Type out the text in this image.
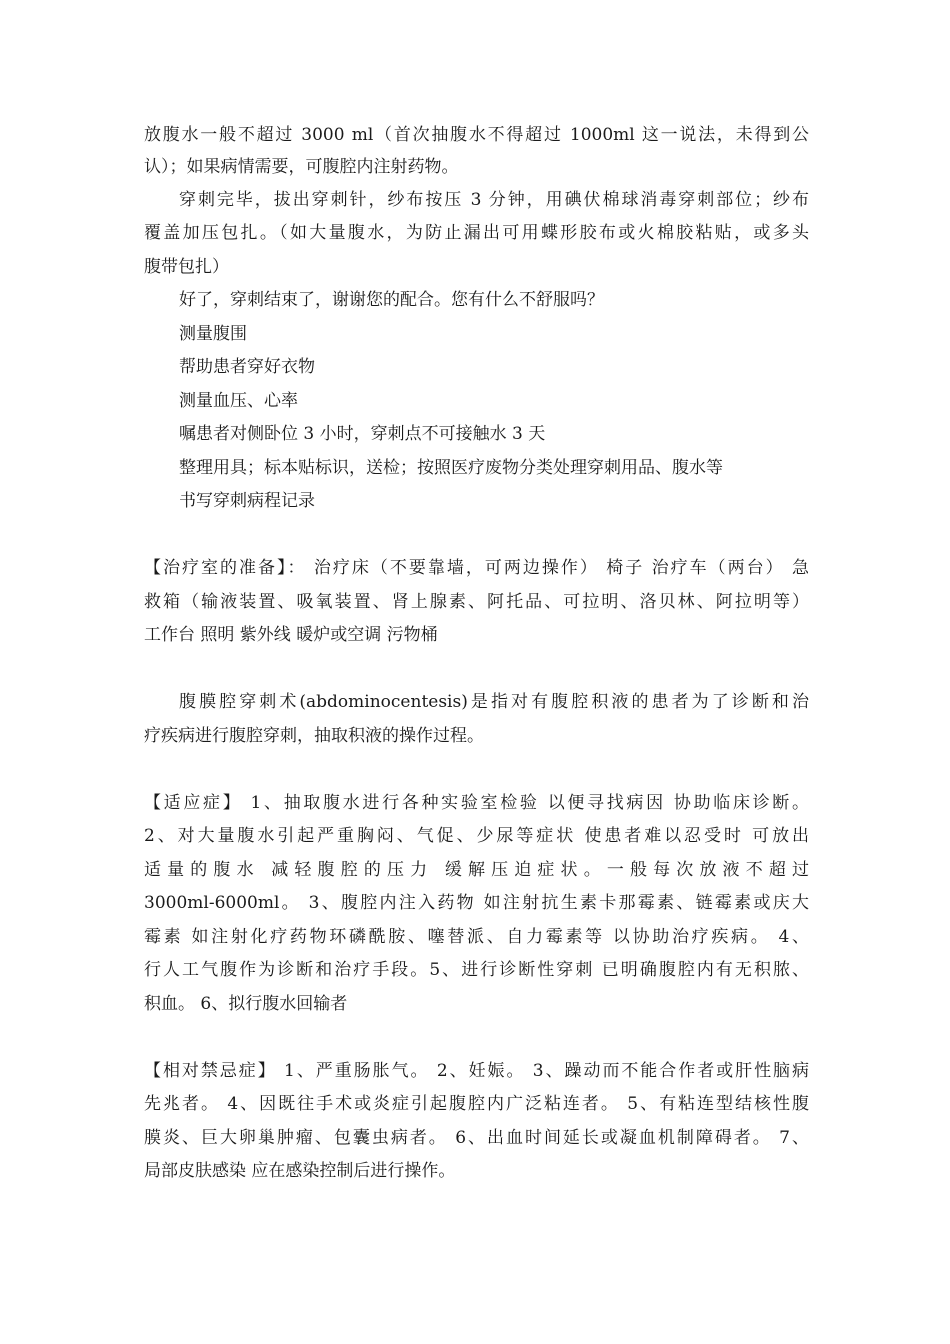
放腹水一般不超过 3000 ml（首次抽腹水不得超过 1000ml 这一说法，未得到公
认）；如果病情需要，可腹腔内注射药物。
穿刺完毕，拔出穿刺针，纱布按压 3 分钟，用碘伏棉球消毒穿刺部位；纱布
覆盖加压包扎。（如大量腹水，为防止漏出可用蝶形胶布或火棉胶粘贴，或多头
腹带包扎）
好了，穿刺结束了，谢谢您的配合。您有什么不舒服吗？
测量腹围
帮助患者穿好衣物
测量血压、心率
嘱患者对侧卧位 3 小时，穿刺点不可接触水 3 天
整理用具；标本贴标识，送检；按照医疗废物分类处理穿刺用品、腹水等
书写穿刺病程记录
【治疗室的准备】： 治疗床（不要靠墙，可两边操作） 椅子 治疗车（两台） 急
救箱（输液装置、吸氧装置、肾上腺素、阿托品、可拉明、洛贝林、阿拉明等）
工作台 照明 紫外线 暖炉或空调 污物桶
腹膜腔穿刺术(abdominocentesis)是指对有腹腔积液的患者为了诊断和治
疗疾病进行腹腔穿刺，抽取积液的操作过程。
【适应症】 1、抽取腹水进行各种实验室检验 以便寻找病因 协助临床诊断。
2、对大量腹水引起严重胸闷、气促、少尿等症状 使患者难以忍受时 可放出
适量的腹水 减轻腹腔的压力 缓解压迫症状。一般每次放液不超过
3000ml-6000ml。 3、腹腔内注入药物 如注射抗生素卡那霉素、链霉素或庆大
霉素 如注射化疗药物环磷酰胺、噻替派、自力霉素等 以协助治疗疾病。 4、
行人工气腹作为诊断和治疗手段。5、进行诊断性穿刺 已明确腹腔内有无积脓、
积血。 6、拟行腹水回输者
【相对禁忌症】 1、严重肠胀气。 2、妊娠。 3、躁动而不能合作者或肝性脑病
先兆者。 4、因既往手术或炎症引起腹腔内广泛粘连者。 5、有粘连型结核性腹
膜炎、巨大卵巢肿瘤、包囊虫病者。 6、出血时间延长或凝血机制障碍者。 7、
局部皮肤感染 应在感染控制后进行操作。
